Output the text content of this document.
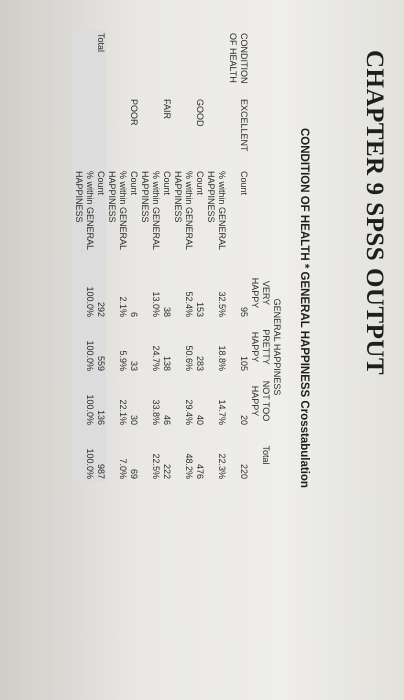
CHAPTER 9 SPSS OUTPUT
CONDITION OF HEALTH * GENERAL HAPPINESS Crosstabulation
			GENERAL HAPPINESS			
			VERY HAPPY	PRETTY HAPPY	NOT TOO HAPPY	Total
CONDITION OF HEALTH	EXCELLENT	Count	95	105	20	220
		% within GENERAL
HAPPINESS	32.5%	18.8%	14.7%	22.3%
	GOOD	Count	153	283	40	476
		% within GENERAL
HAPPINESS	52.4%	50.6%	29.4%	48.2%
	FAIR	Count	38	138	46	222
		% within GENERAL
HAPPINESS	13.0%	24.7%	33.8%	22.5%
	POOR	Count	6	33	30	69
		% within GENERAL
HAPPINESS	2.1%	5.9%	22.1%	7.0%
Total		Count	292	559	136	987
		% within GENERAL
HAPPINESS	100.0%	100.0%	100.0%	100.0%
